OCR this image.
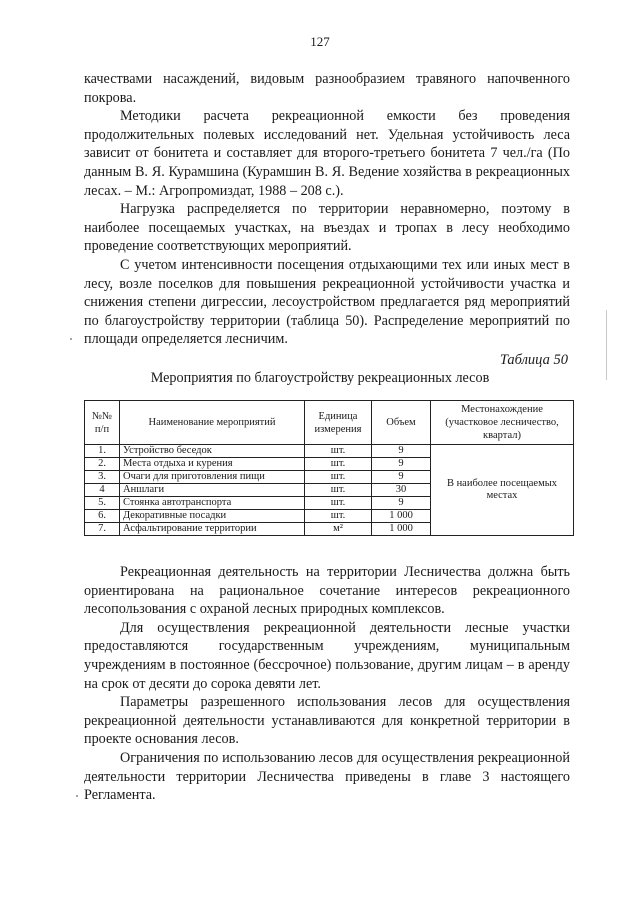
127

качествами насаждений, видовым разнообразием травяного напочвенного покрова.

Методики расчета рекреационной емкости без проведения продолжительных полевых исследований нет. Удельная устойчивость леса зависит от бонитета и составляет для второго-третьего бонитета 7 чел./га (По данным В. Я. Курамшина (Курамшин В. Я. Ведение хозяйства в рекреационных лесах. – М.: Агропромиздат, 1988 – 208 с.).

Нагрузка распределяется по территории неравномерно, поэтому в наиболее посещаемых участках, на въездах и тропах в лесу необходимо проведение соответствующих мероприятий.

С учетом интенсивности посещения отдыхающими тех или иных мест в лесу, возле поселков для повышения рекреационной устойчивости участка и снижения степени дигрессии, лесоустройством предлагается ряд мероприятий по благоустройству территории (таблица 50). Распределение мероприятий по площади определяется лесничим.

Таблица 50
Мероприятия по благоустройству рекреационных лесов
№№ п/п	Наименование мероприятий	Единица измерения	Объем	Местонахождение (участковое лесничество, квартал)
1.	Устройство беседок	шт.	9	В наиболее посещаемых местах
2.	Места отдыха и курения	шт.	9	
3.	Очаги для приготовления пищи	шт.	9	
4	Аншлаги	шт.	30	
5.	Стоянка автотранспорта	шт.	9	
6.	Декоративные посадки	шт.	1 000	
7.	Асфальтирование территории	м²	1 000	

Рекреационная деятельность на территории Лесничества должна быть ориентирована на рациональное сочетание интересов рекреационного лесопользования с охраной лесных природных комплексов.

Для осуществления рекреационной деятельности лесные участки предоставляются государственным учреждениям, муниципальным учреждениям в постоянное (бессрочное) пользование, другим лицам – в аренду на срок от десяти до сорока девяти лет.

Параметры разрешенного использования лесов для осуществления рекреационной деятельности устанавливаются для конкретной территории в проекте основания лесов.

Ограничения по использованию лесов для осуществления рекреационной деятельности территории Лесничества приведены в главе 3 настоящего Регламента.
